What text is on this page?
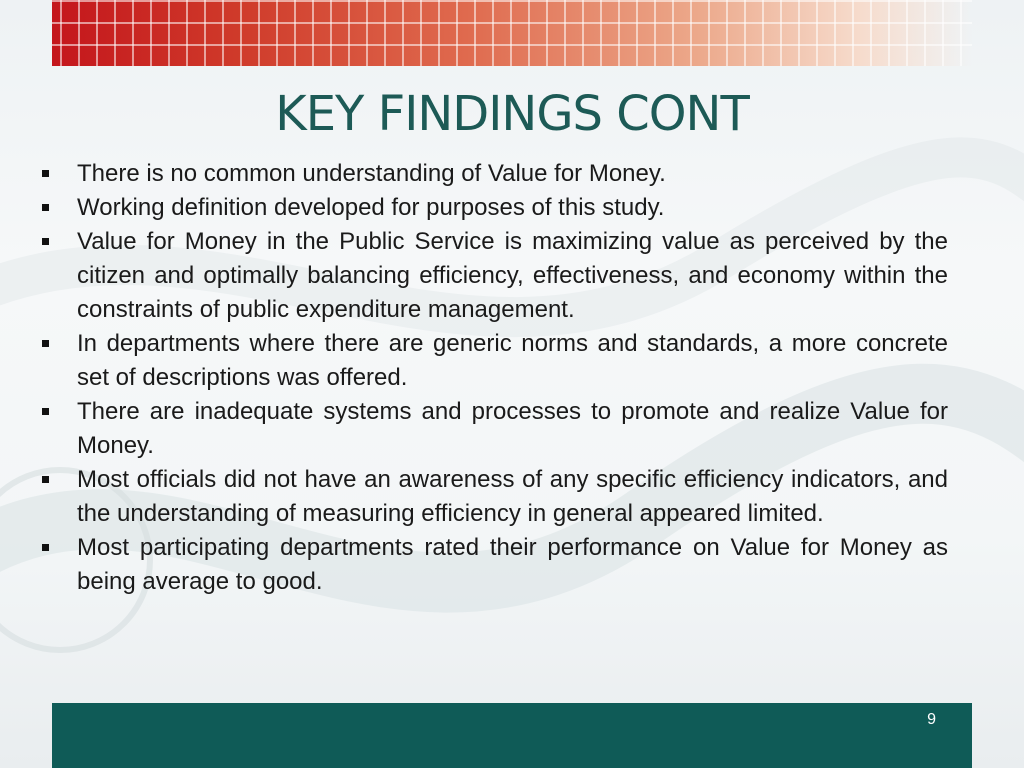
KEY FINDINGS CONT
There is no common understanding of Value for Money.
Working definition developed for purposes of this study.
Value for Money in the Public Service is maximizing value as perceived by the citizen and optimally balancing efficiency, effectiveness, and economy within the constraints of public expenditure management.
In departments where there are generic norms and standards, a more concrete set of descriptions was offered.
There are inadequate systems and processes to promote and realize Value for Money.
Most officials did not have an awareness of any specific efficiency indicators, and the understanding of measuring efficiency in general appeared limited.
Most participating departments rated their performance on Value for Money as being average to good.
9
